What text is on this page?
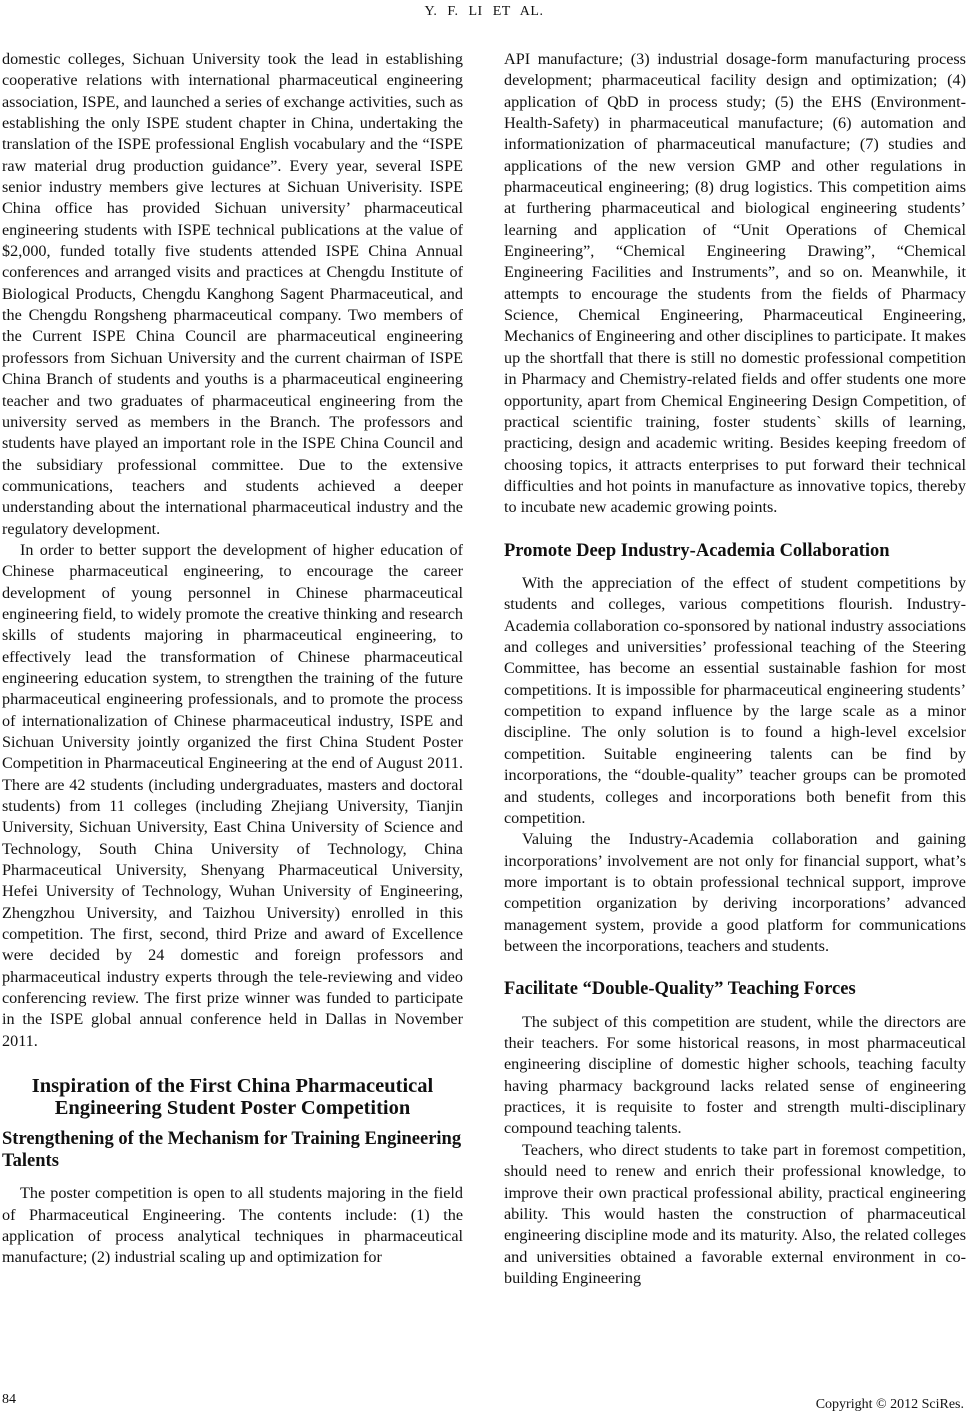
Y. F. LI ET AL.

domestic colleges, Sichuan University took the lead in establishing cooperative relations with international pharmaceutical engineering association, ISPE, and launched a series of exchange activities, such as establishing the only ISPE student chapter in China, undertaking the translation of the ISPE professional English vocabulary and the “ISPE raw material drug production guidance”. Every year, several ISPE senior industry members give lectures at Sichuan Univerisity. ISPE China office has provided Sichuan university’ pharmaceutical engineering students with ISPE technical publications at the value of $2,000, funded totally five students attended ISPE China Annual conferences and arranged visits and practices at Chengdu Institute of Biological Products, Chengdu Kanghong Sagent Pharmaceutical, and the Chengdu Rongsheng pharmaceutical company. Two members of the Current ISPE China Council are pharmaceutical engineering professors from Sichuan University and the current chairman of ISPE China Branch of students and youths is a pharmaceutical engineering teacher and two graduates of pharmaceutical engineering from the university served as members in the Branch. The professors and students have played an important role in the ISPE China Council and the subsidiary professional committee. Due to the extensive communications, teachers and students achieved a deeper understanding about the international pharmaceutical industry and the regulatory development.

In order to better support the development of higher education of Chinese pharmaceutical engineering, to encourage the career development of young personnel in Chinese pharmaceutical engineering field, to widely promote the creative thinking and research skills of students majoring in pharmaceutical engineering, to effectively lead the transformation of Chinese pharmaceutical engineering education system, to strengthen the training of the future pharmaceutical engineering professionals, and to promote the process of internationalization of Chinese pharmaceutical industry, ISPE and Sichuan University jointly organized the first China Student Poster Competition in Pharmaceutical Engineering at the end of August 2011. There are 42 students (including undergraduates, masters and doctoral students) from 11 colleges (including Zhejiang University, Tianjin University, Sichuan University, East China University of Science and Technology, South China University of Technology, China Pharmaceutical University, Shenyang Pharmaceutical University, Hefei University of Technology, Wuhan University of Engineering, Zhengzhou University, and Taizhou University) enrolled in this competition. The first, second, third Prize and award of Excellence were decided by 24 domestic and foreign professors and pharmaceutical industry experts through the tele-reviewing and video conferencing review. The first prize winner was funded to participate in the ISPE global annual conference held in Dallas in November 2011.

Inspiration of the First China Pharmaceutical Engineering Student Poster Competition
Strengthening of the Mechanism for Training Engineering Talents

The poster competition is open to all students majoring in the field of Pharmaceutical Engineering. The contents include: (1) the application of process analytical techniques in pharmaceutical manufacture; (2) industrial scaling up and optimization for

API manufacture; (3) industrial dosage-form manufacturing process development; pharmaceutical facility design and optimization; (4) application of QbD in process study; (5) the EHS (Environment-Health-Safety) in pharmaceutical manufacture; (6) automation and informationization of pharmaceutical manufacture; (7) studies and applications of the new version GMP and other regulations in pharmaceutical engineering; (8) drug logistics. This competition aims at furthering pharmaceutical and biological engineering students’ learning and application of “Unit Operations of Chemical Engineering”, “Chemical Engineering Drawing”, “Chemical Engineering Facilities and Instruments”, and so on. Meanwhile, it attempts to encourage the students from the fields of Pharmacy Science, Chemical Engineering, Pharmaceutical Engineering, Mechanics of Engineering and other disciplines to participate. It makes up the shortfall that there is still no domestic professional competition in Pharmacy and Chemistry-related fields and offer students one more opportunity, apart from Chemical Engineering Design Competition, of practical scientific training, foster students` skills of learning, practicing, design and academic writing. Besides keeping freedom of choosing topics, it attracts enterprises to put forward their technical difficulties and hot points in manufacture as innovative topics, thereby to incubate new academic growing points.

Promote Deep Industry-Academia Collaboration

With the appreciation of the effect of student competitions by students and colleges, various competitions flourish. Industry-Academia collaboration co-sponsored by national industry associations and colleges and universities’ professional teaching of the Steering Committee, has become an essential sustainable fashion for most competitions. It is impossible for pharmaceutical engineering students’ competition to expand influence by the large scale as a minor discipline. The only solution is to found a high-level excelsior competition. Suitable engineering talents can be find by incorporations, the “double-quality” teacher groups can be promoted and students, colleges and incorporations both benefit from this competition.

Valuing the Industry-Academia collaboration and gaining incorporations’ involvement are not only for financial support, what’s more important is to obtain professional technical support, improve competition organization by deriving incorporations’ advanced management system, provide a good platform for communications between the incorporations, teachers and students.

Facilitate “Double-Quality” Teaching Forces

The subject of this competition are student, while the directors are their teachers. For some historical reasons, in most pharmaceutical engineering discipline of domestic higher schools, teaching faculty having pharmacy background lacks related sense of engineering practices, it is requisite to foster and strength multi-disciplinary compound teaching talents.

Teachers, who direct students to take part in foremost competition, should need to renew and enrich their professional knowledge, to improve their own practical professional ability, practical engineering ability. This would hasten the construction of pharmaceutical engineering discipline mode and its maturity. Also, the related colleges and universities obtained a favorable external environment in co-building Engineering

84	Copyright © 2012 SciRes.
